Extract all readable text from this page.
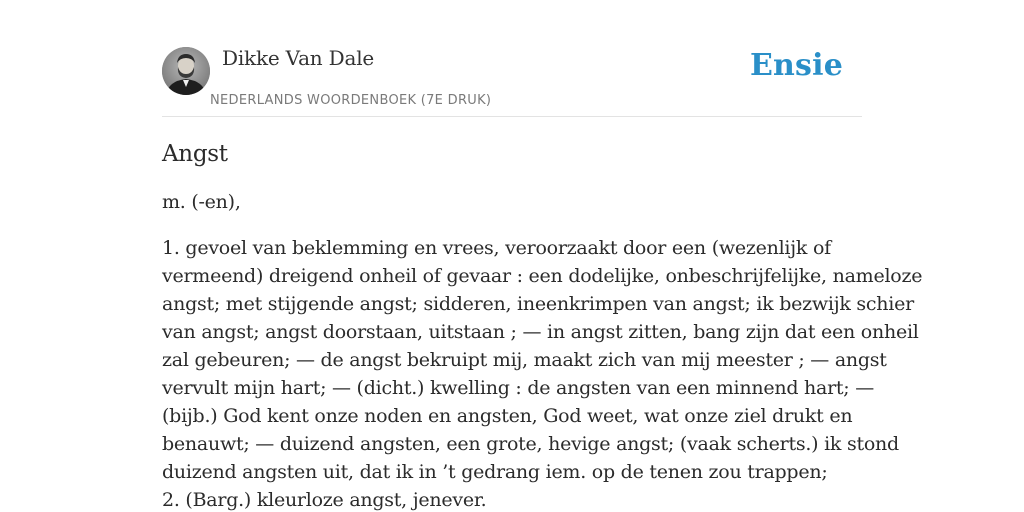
Dikke Van Dale
NEDERLANDS WOORDENBOEK (7E DRUK)
Ensie
Angst

m. (-en),

1. gevoel van beklemming en vrees, veroorzaakt door een (wezenlijk of
vermeend) dreigend onheil of gevaar : een dodelijke, onbeschrijfelijke, nameloze
angst; met stijgende angst; sidderen, ineenkrimpen van angst; ik bezwijk schier
van angst; angst doorstaan, uitstaan ; — in angst zitten, bang zijn dat een onheil
zal gebeuren; — de angst bekruipt mij, maakt zich van mij meester ; — angst
vervult mijn hart; — (dicht.) kwelling : de angsten van een minnend hart; —
(bijb.) God kent onze noden en angsten, God weet, wat onze ziel drukt en
benauwt; — duizend angsten, een grote, hevige angst; (vaak scherts.) ik stond
duizend angsten uit, dat ik in ’t gedrang iem. op de tenen zou trappen;
2. (Barg.) kleurloze angst, jenever.
